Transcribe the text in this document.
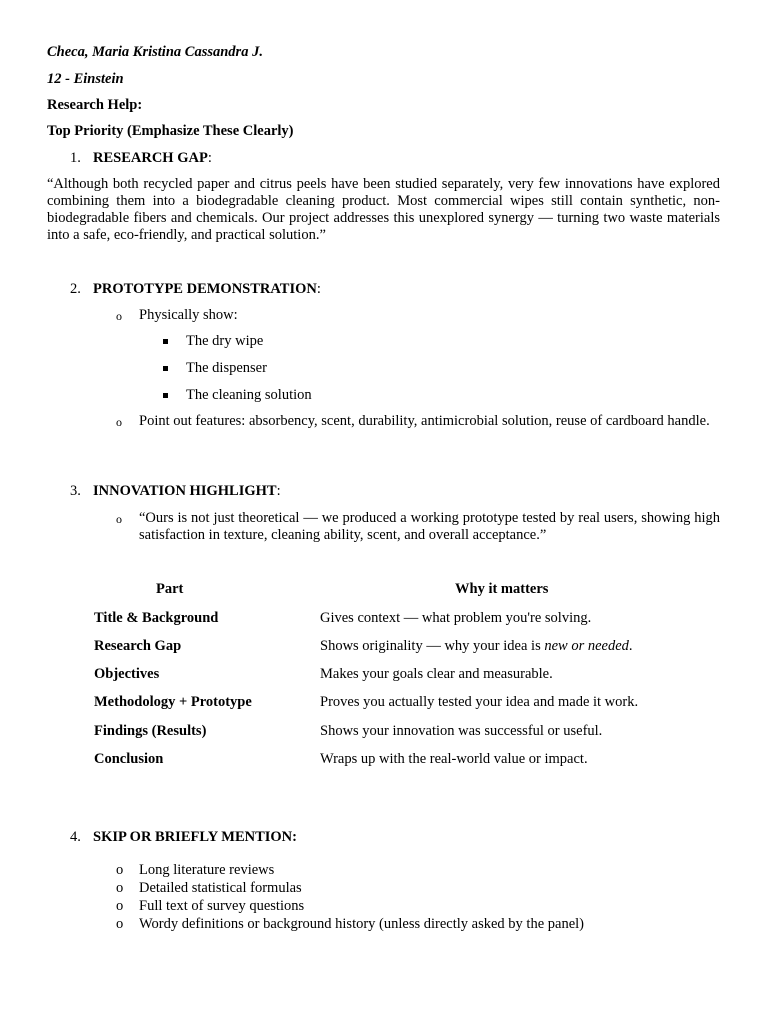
Checa, Maria Kristina Cassandra J.
12 - Einstein
Research Help:
Top Priority (Emphasize These Clearly)
1. RESEARCH GAP:
“Although both recycled paper and citrus peels have been studied separately, very few innovations have explored combining them into a biodegradable cleaning product. Most commercial wipes still contain synthetic, non-biodegradable fibers and chemicals. Our project addresses this unexplored synergy — turning two waste materials into a safe, eco-friendly, and practical solution.”
2. PROTOTYPE DEMONSTRATION:
o Physically show:
The dry wipe
The dispenser
The cleaning solution
o Point out features: absorbency, scent, durability, antimicrobial solution, reuse of cardboard handle.
3. INNOVATION HIGHLIGHT:
o “Ours is not just theoretical — we produced a working prototype tested by real users, showing high satisfaction in texture, cleaning ability, scent, and overall acceptance.”
Part	Why it matters
Title & Background	Gives context — what problem you're solving.
Research Gap	Shows originality — why your idea is new or needed.
Objectives	Makes your goals clear and measurable.
Methodology + Prototype	Proves you actually tested your idea and made it work.
Findings (Results)	Shows your innovation was successful or useful.
Conclusion	Wraps up with the real-world value or impact.
4. SKIP OR BRIEFLY MENTION:
o Long literature reviews
o Detailed statistical formulas
o Full text of survey questions
o Wordy definitions or background history (unless directly asked by the panel)
